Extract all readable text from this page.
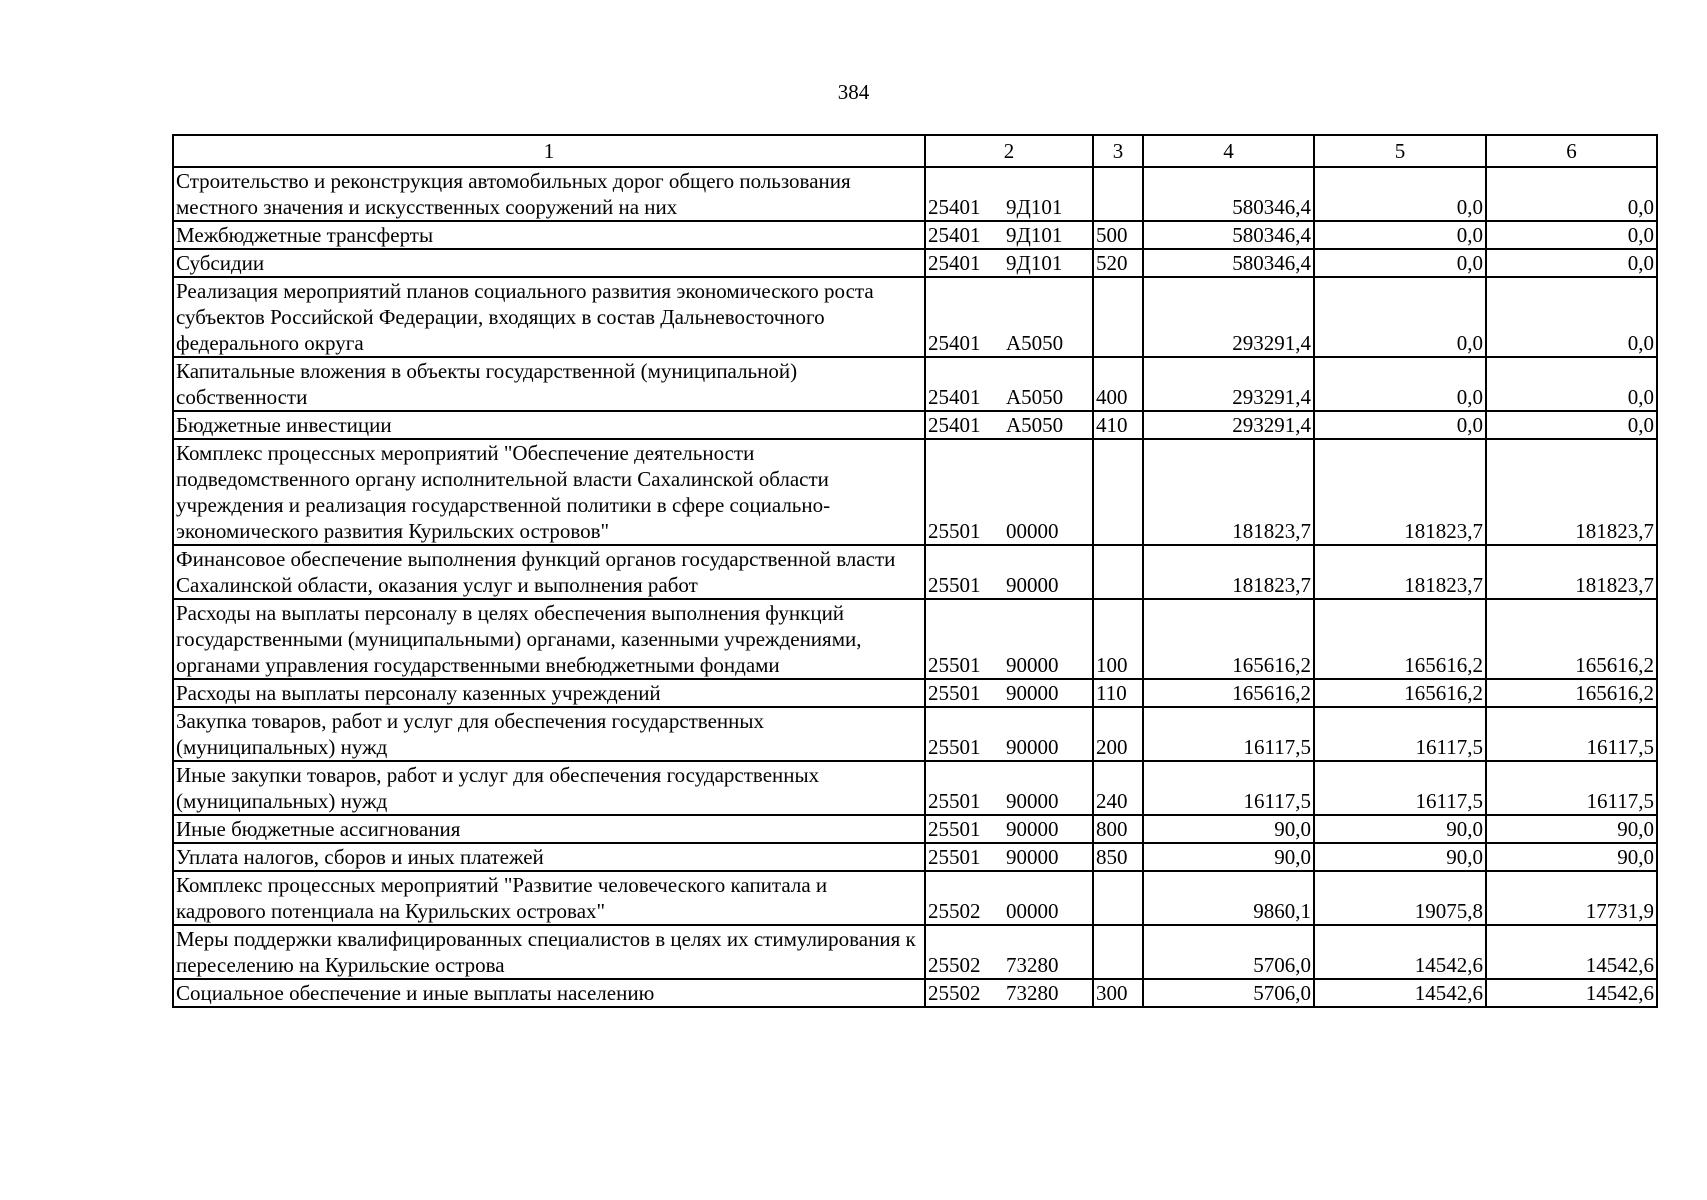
384
1	2	3	4	5	6
Строительство и реконструкция автомобильных дорог общего пользования местного значения и искусственных сооружений на них	25401 9Д101		580346,4	0,0	0,0
Межбюджетные трансферты	25401 9Д101	500	580346,4	0,0	0,0
Субсидии	25401 9Д101	520	580346,4	0,0	0,0
Реализация мероприятий планов социального развития экономического роста субъектов Российской Федерации, входящих в состав Дальневосточного федерального округа	25401 А5050		293291,4	0,0	0,0
Капитальные вложения в объекты государственной (муниципальной) собственности	25401 А5050	400	293291,4	0,0	0,0
Бюджетные инвестиции	25401 А5050	410	293291,4	0,0	0,0
Комплекс процессных мероприятий "Обеспечение деятельности подведомственного органу исполнительной власти Сахалинской области учреждения и реализация государственной политики в сфере социально-экономического развития Курильских островов"	25501 00000		181823,7	181823,7	181823,7
Финансовое обеспечение выполнения функций органов государственной власти Сахалинской области, оказания услуг и выполнения работ	25501 90000		181823,7	181823,7	181823,7
Расходы на выплаты персоналу в целях обеспечения выполнения функций государственными (муниципальными) органами, казенными учреждениями, органами управления государственными внебюджетными фондами	25501 90000	100	165616,2	165616,2	165616,2
Расходы на выплаты персоналу казенных учреждений	25501 90000	110	165616,2	165616,2	165616,2
Закупка товаров, работ и услуг для обеспечения государственных (муниципальных) нужд	25501 90000	200	16117,5	16117,5	16117,5
Иные закупки товаров, работ и услуг для обеспечения государственных (муниципальных) нужд	25501 90000	240	16117,5	16117,5	16117,5
Иные бюджетные ассигнования	25501 90000	800	90,0	90,0	90,0
Уплата налогов, сборов и иных платежей	25501 90000	850	90,0	90,0	90,0
Комплекс процессных мероприятий "Развитие человеческого капитала и кадрового потенциала на Курильских островах"	25502 00000		9860,1	19075,8	17731,9
Меры поддержки квалифицированных специалистов в целях их стимулирования к переселению на Курильские острова	25502 73280		5706,0	14542,6	14542,6
Социальное обеспечение и иные выплаты населению	25502 73280	300	5706,0	14542,6	14542,6
